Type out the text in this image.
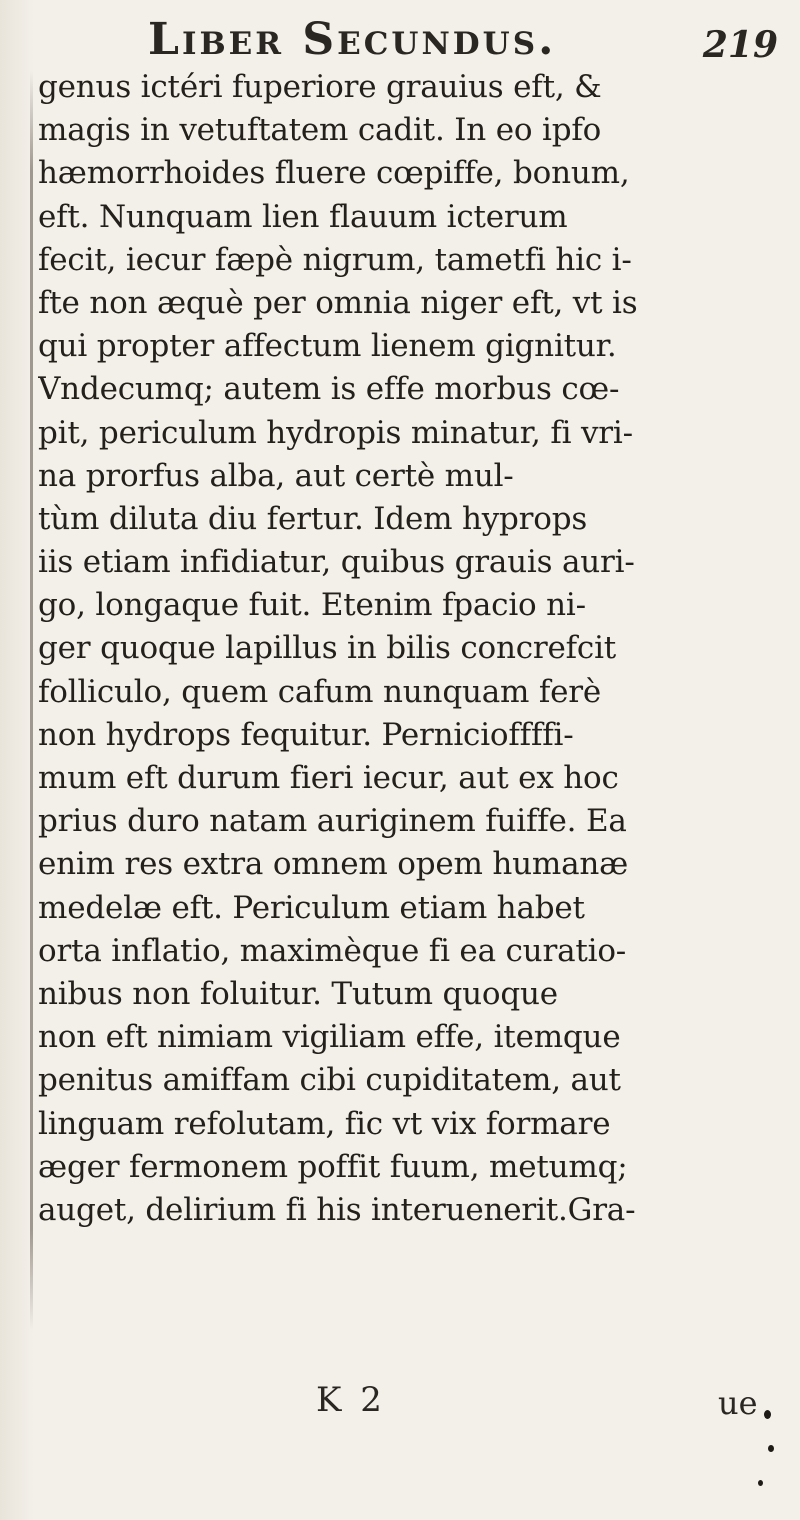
Liber Secundus.	219
genus ictéri fuperiore grauius eft, &
magis in vetuftatem cadit. In eo ipfo
hæmorrhoides fluere cœpiffe, bonum,
eft. Nunquam lien flauum icterum
fecit, iecur fæpè nigrum, tametfi hic i-
fte non æquè per omnia niger eft, vt is
qui propter affectum lienem gignitur.
Vndecumq; autem is effe morbus cœ-
pit, periculum hydropis minatur, fi vri-
na prorfus alba, aut certè mul-
tùm diluta diu fertur. Idem hyprops
iis etiam infidiatur, quibus grauis auri-
go, longaque fuit. Etenim fpacio ni-
ger quoque lapillus in bilis concrefcit
folliculo, quem cafum nunquam ferè
non hydrops fequitur. Pernicioffffi-
mum eft durum fieri iecur, aut ex hoc
prius duro natam auriginem fuiffe. Ea
enim res extra omnem opem humanæ
medelæ eft. Periculum etiam habet
orta inflatio, maximèque fi ea curatio-
nibus non foluitur. Tutum quoque
non eft nimiam vigiliam effe, itemque
penitus amiffam cibi cupiditatem, aut
linguam refolutam, fic vt vix formare
æger fermonem poffit fuum, metumq;
auget, delirium fi his interuenerit.Gra-
K 2	ue
